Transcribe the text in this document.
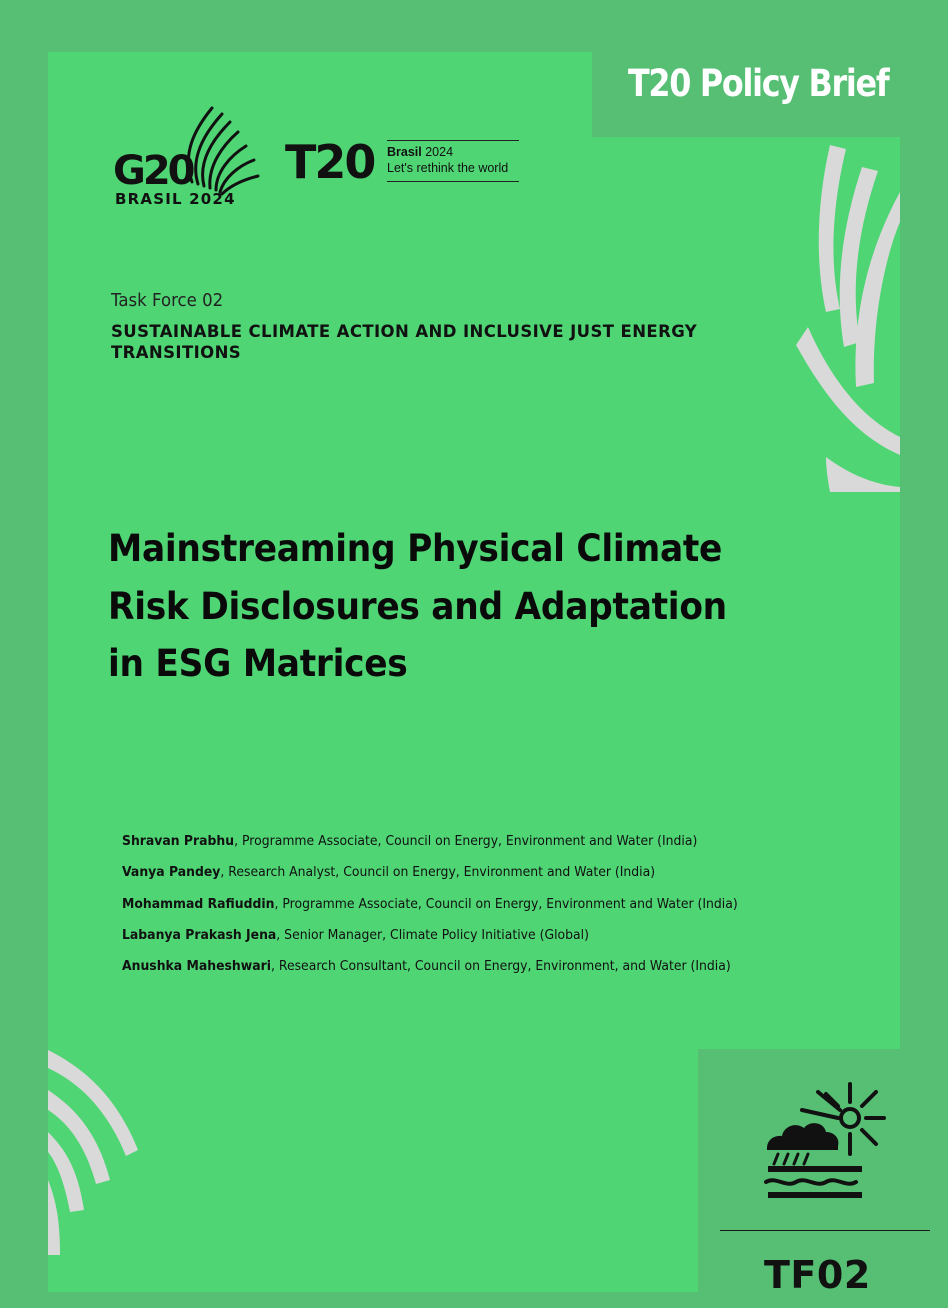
T20 Policy Brief
G20
BRASIL 2024
T20 Brasil 2024
Let's rethink the world
Task Force 02
SUSTAINABLE CLIMATE ACTION AND INCLUSIVE JUST ENERGY TRANSITIONS
Mainstreaming Physical Climate Risk Disclosures and Adaptation in ESG Matrices
Shravan Prabhu, Programme Associate, Council on Energy, Environment and Water (India)
Vanya Pandey, Research Analyst, Council on Energy, Environment and Water (India)
Mohammad Rafiuddin, Programme Associate, Council on Energy, Environment and Water (India)
Labanya Prakash Jena, Senior Manager, Climate Policy Initiative (Global)
Anushka Maheshwari, Research Consultant, Council on Energy, Environment, and Water (India)
TF02
